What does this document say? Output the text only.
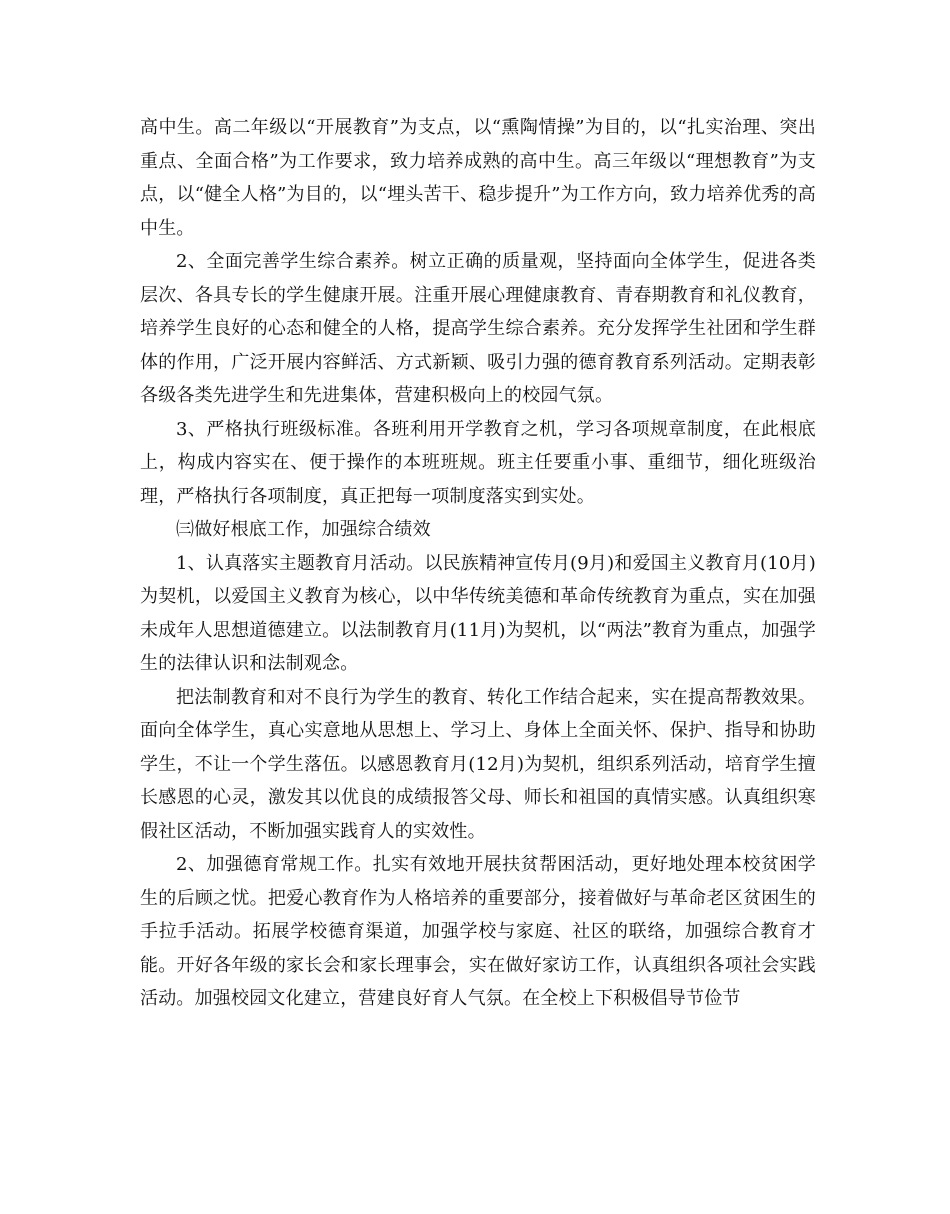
高中生。高二年级以“开展教育”为支点，以“熏陶情操”为目的，以“扎实治理、突出重点、全面合格”为工作要求，致力培养成熟的高中生。高三年级以“理想教育”为支点，以“健全人格”为目的，以“埋头苦干、稳步提升”为工作方向，致力培养优秀的高中生。

2、全面完善学生综合素养。树立正确的质量观，坚持面向全体学生，促进各类层次、各具专长的学生健康开展。注重开展心理健康教育、青春期教育和礼仪教育，培养学生良好的心态和健全的人格，提高学生综合素养。充分发挥学生社团和学生群体的作用，广泛开展内容鲜活、方式新颖、吸引力强的德育教育系列活动。定期表彰各级各类先进学生和先进集体，营建积极向上的校园气氛。

3、严格执行班级标准。各班利用开学教育之机，学习各项规章制度，在此根底上，构成内容实在、便于操作的本班班规。班主任要重小事、重细节，细化班级治理，严格执行各项制度，真正把每一项制度落实到实处。

㈢做好根底工作，加强综合绩效

1、认真落实主题教育月活动。以民族精神宣传月(9月)和爱国主义教育月(10月)为契机，以爱国主义教育为核心，以中华传统美德和革命传统教育为重点，实在加强未成年人思想道德建立。以法制教育月(11月)为契机，以“两法”教育为重点，加强学生的法律认识和法制观念。

把法制教育和对不良行为学生的教育、转化工作结合起来，实在提高帮教效果。面向全体学生，真心实意地从思想上、学习上、身体上全面关怀、保护、指导和协助学生，不让一个学生落伍。以感恩教育月(12月)为契机，组织系列活动，培育学生擅长感恩的心灵，激发其以优良的成绩报答父母、师长和祖国的真情实感。认真组织寒假社区活动，不断加强实践育人的实效性。

2、加强德育常规工作。扎实有效地开展扶贫帮困活动，更好地处理本校贫困学生的后顾之忧。把爱心教育作为人格培养的重要部分，接着做好与革命老区贫困生的手拉手活动。拓展学校德育渠道，加强学校与家庭、社区的联络，加强综合教育才能。开好各年级的家长会和家长理事会，实在做好家访工作，认真组织各项社会实践活动。加强校园文化建立，营建良好育人气氛。在全校上下积极倡导节俭节
